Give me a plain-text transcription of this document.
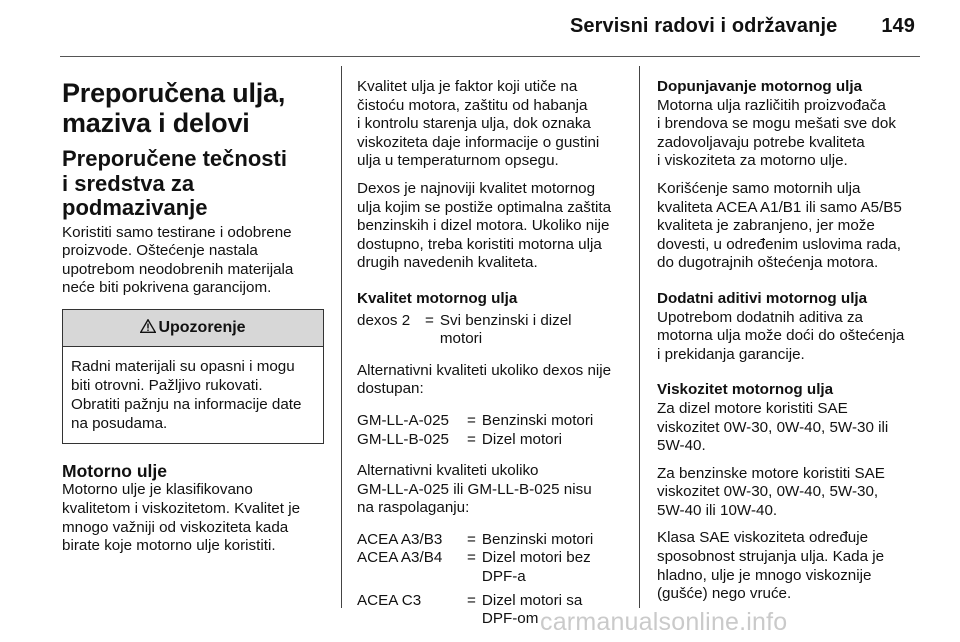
Servisni radovi i održavanje 149
Preporučena ulja,
maziva i delovi
Preporučene tečnosti
i sredstva za
podmazivanje

Koristiti samo testirane i odobrene
proizvode. Oštećenje nastala
upotrebom neodobrenih materijala
neće biti pokrivena garancijom.

Upozorenje
Radni materijali su opasni i mogu
biti otrovni. Pažljivo rukovati.
Obratiti pažnju na informacije date
na posudama.
Motorno ulje

Motorno ulje je klasifikovano
kvalitetom i viskozitetom. Kvalitet je
mnogo važniji od viskoziteta kada
birate koje motorno ulje koristiti.

Kvalitet ulja je faktor koji utiče na
čistoću motora, zaštitu od habanja
i kontrolu starenja ulja, dok oznaka
viskoziteta daje informacije o gustini
ulja u temperaturnom opsegu.

Dexos je najnoviji kvalitet motornog
ulja kojim se postiže optimalna zaštita
benzinskih i dizel motora. Ukoliko nije
dostupno, treba koristiti motorna ulja
drugih navedenih kvaliteta.

Kvalitet motornog ulja
dexos 2	=	Svi benzinski i dizel
motori

Alternativni kvaliteti ukoliko dexos nije
dostupan:

GM-LL-A-025	=	Benzinski motori
GM-LL-B-025	=	Dizel motori

Alternativni kvaliteti ukoliko
GM-LL-A-025 ili GM-LL-B-025 nisu
na raspolaganju:

ACEA A3/B3	=	Benzinski motori
ACEA A3/B4	=	Dizel motori bez
DPF-a
ACEA C3	=	Dizel motori sa
DPF-om
Dopunjavanje motornog ulja

Motorna ulja različitih proizvođača
i brendova se mogu mešati sve dok
zadovoljavaju potrebe kvaliteta
i viskoziteta za motorno ulje.

Korišćenje samo motornih ulja
kvaliteta ACEA A1/B1 ili samo A5/B5
kvaliteta je zabranjeno, jer može
dovesti, u određenim uslovima rada,
do dugotrajnih oštećenja motora.

Dodatni aditivi motornog ulja

Upotrebom dodatnih aditiva za
motorna ulja može doći do oštećenja
i prekidanja garancije.

Viskozitet motornog ulja

Za dizel motore koristiti SAE
viskozitet 0W-30, 0W-40, 5W-30 ili
5W-40.

Za benzinske motore koristiti SAE
viskozitet 0W-30, 0W-40, 5W-30,
5W-40 ili 10W-40.

Klasa SAE viskoziteta određuje
sposobnost strujanja ulja. Kada je
hladno, ulje je mnogo viskoznije
(gušće) nego vruće.

carmanualsonline.info
